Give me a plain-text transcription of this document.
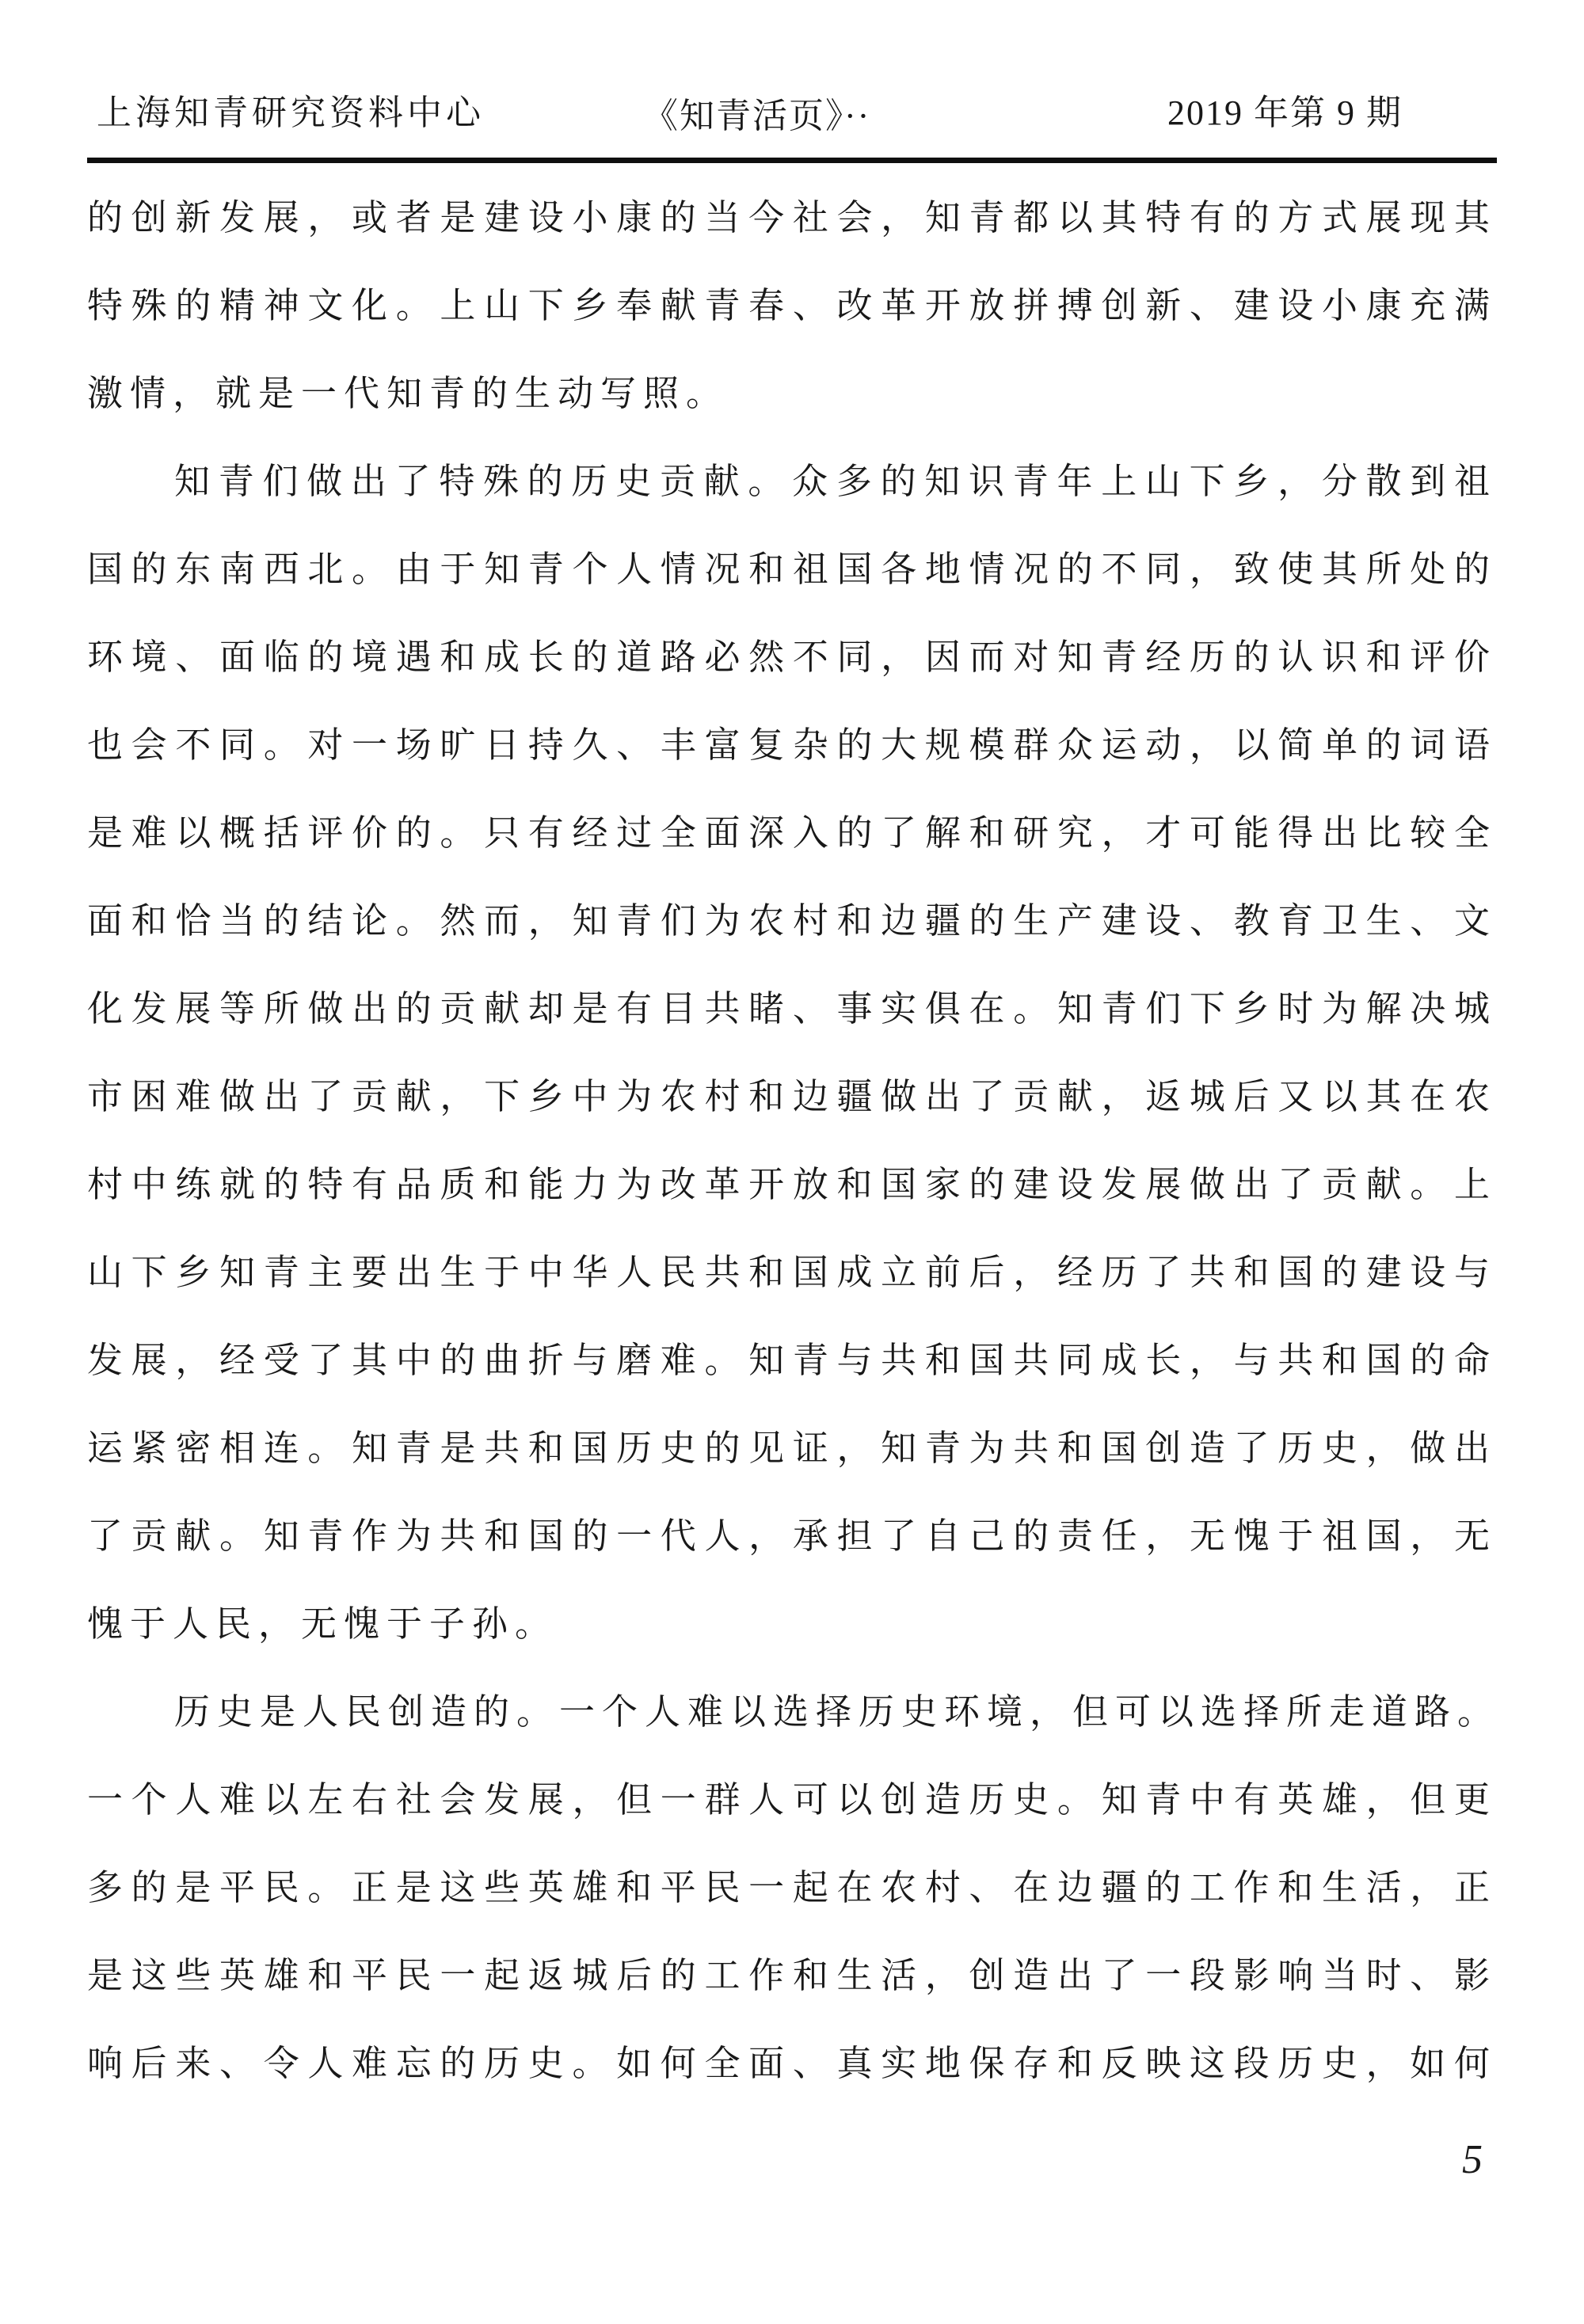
上海知青研究资料中心	《知青活页》··	2019 年第 9 期
的创新发展，或者是建设小康的当今社会，知青都以其特有的方式展现其
特殊的精神文化。上山下乡奉献青春、改革开放拼搏创新、建设小康充满
激情，就是一代知青的生动写照。
知青们做出了特殊的历史贡献。众多的知识青年上山下乡，分散到祖
国的东南西北。由于知青个人情况和祖国各地情况的不同，致使其所处的
环境、面临的境遇和成长的道路必然不同，因而对知青经历的认识和评价
也会不同。对一场旷日持久、丰富复杂的大规模群众运动，以简单的词语
是难以概括评价的。只有经过全面深入的了解和研究，才可能得出比较全
面和恰当的结论。然而，知青们为农村和边疆的生产建设、教育卫生、文
化发展等所做出的贡献却是有目共睹、事实俱在。知青们下乡时为解决城
市困难做出了贡献，下乡中为农村和边疆做出了贡献，返城后又以其在农
村中练就的特有品质和能力为改革开放和国家的建设发展做出了贡献。上
山下乡知青主要出生于中华人民共和国成立前后，经历了共和国的建设与
发展，经受了其中的曲折与磨难。知青与共和国共同成长，与共和国的命
运紧密相连。知青是共和国历史的见证，知青为共和国创造了历史，做出
了贡献。知青作为共和国的一代人，承担了自己的责任，无愧于祖国，无
愧于人民，无愧于子孙。
历史是人民创造的。一个人难以选择历史环境，但可以选择所走道路。
一个人难以左右社会发展，但一群人可以创造历史。知青中有英雄，但更
多的是平民。正是这些英雄和平民一起在农村、在边疆的工作和生活，正
是这些英雄和平民一起返城后的工作和生活，创造出了一段影响当时、影
响后来、令人难忘的历史。如何全面、真实地保存和反映这段历史，如何
5
